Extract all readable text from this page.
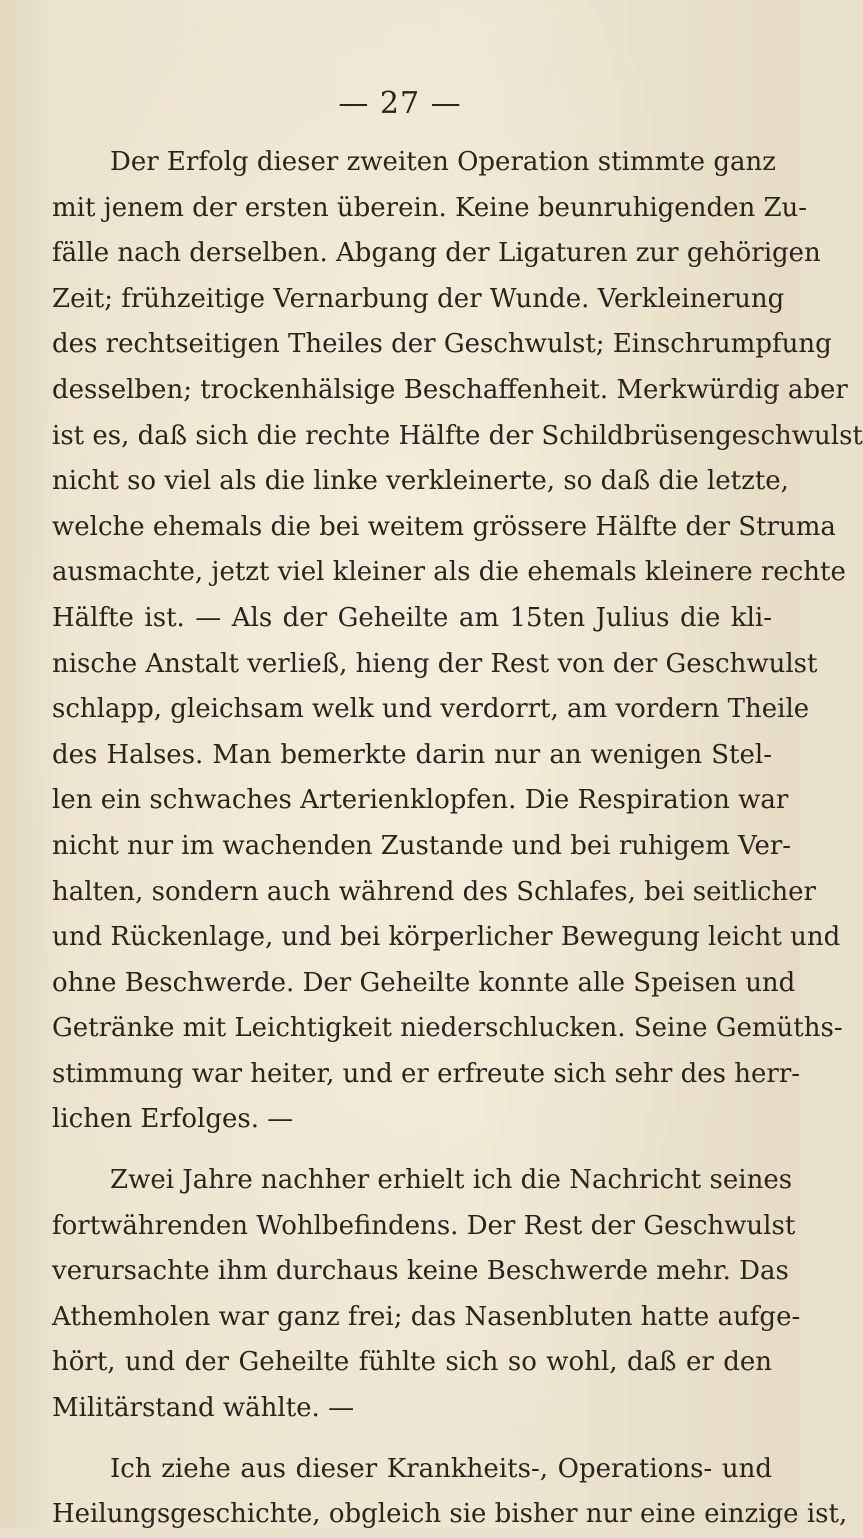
— 27 —
Der Erfolg dieser zweiten Operation stimmte ganz
mit jenem der ersten überein. Keine beunruhigenden Zu-
fälle nach derselben. Abgang der Ligaturen zur gehörigen
Zeit; frühzeitige Vernarbung der Wunde. Verkleinerung
des rechtseitigen Theiles der Geschwulst; Einschrumpfung
desselben; trockenhälsige Beschaffenheit. Merkwürdig aber
ist es, daß sich die rechte Hälfte der Schildbrüsengeschwulst
nicht so viel als die linke verkleinerte, so daß die letzte,
welche ehemals die bei weitem grössere Hälfte der Struma
ausmachte, jetzt viel kleiner als die ehemals kleinere rechte
Hälfte ist. — Als der Geheilte am 15ten Julius die kli-
nische Anstalt verließ, hieng der Rest von der Geschwulst
schlapp, gleichsam welk und verdorrt, am vordern Theile
des Halses. Man bemerkte darin nur an wenigen Stel-
len ein schwaches Arterienklopfen. Die Respiration war
nicht nur im wachenden Zustande und bei ruhigem Ver-
halten, sondern auch während des Schlafes, bei seitlicher
und Rückenlage, und bei körperlicher Bewegung leicht und
ohne Beschwerde. Der Geheilte konnte alle Speisen und
Getränke mit Leichtigkeit niederschlucken. Seine Gemüths-
stimmung war heiter, und er erfreute sich sehr des herr-
lichen Erfolges. —
Zwei Jahre nachher erhielt ich die Nachricht seines
fortwährenden Wohlbefindens. Der Rest der Geschwulst
verursachte ihm durchaus keine Beschwerde mehr. Das
Athemholen war ganz frei; das Nasenbluten hatte aufge-
hört, und der Geheilte fühlte sich so wohl, daß er den
Militärstand wählte. —
Ich ziehe aus dieser Krankheits-, Operations- und
Heilungsgeschichte, obgleich sie bisher nur eine einzige ist,
